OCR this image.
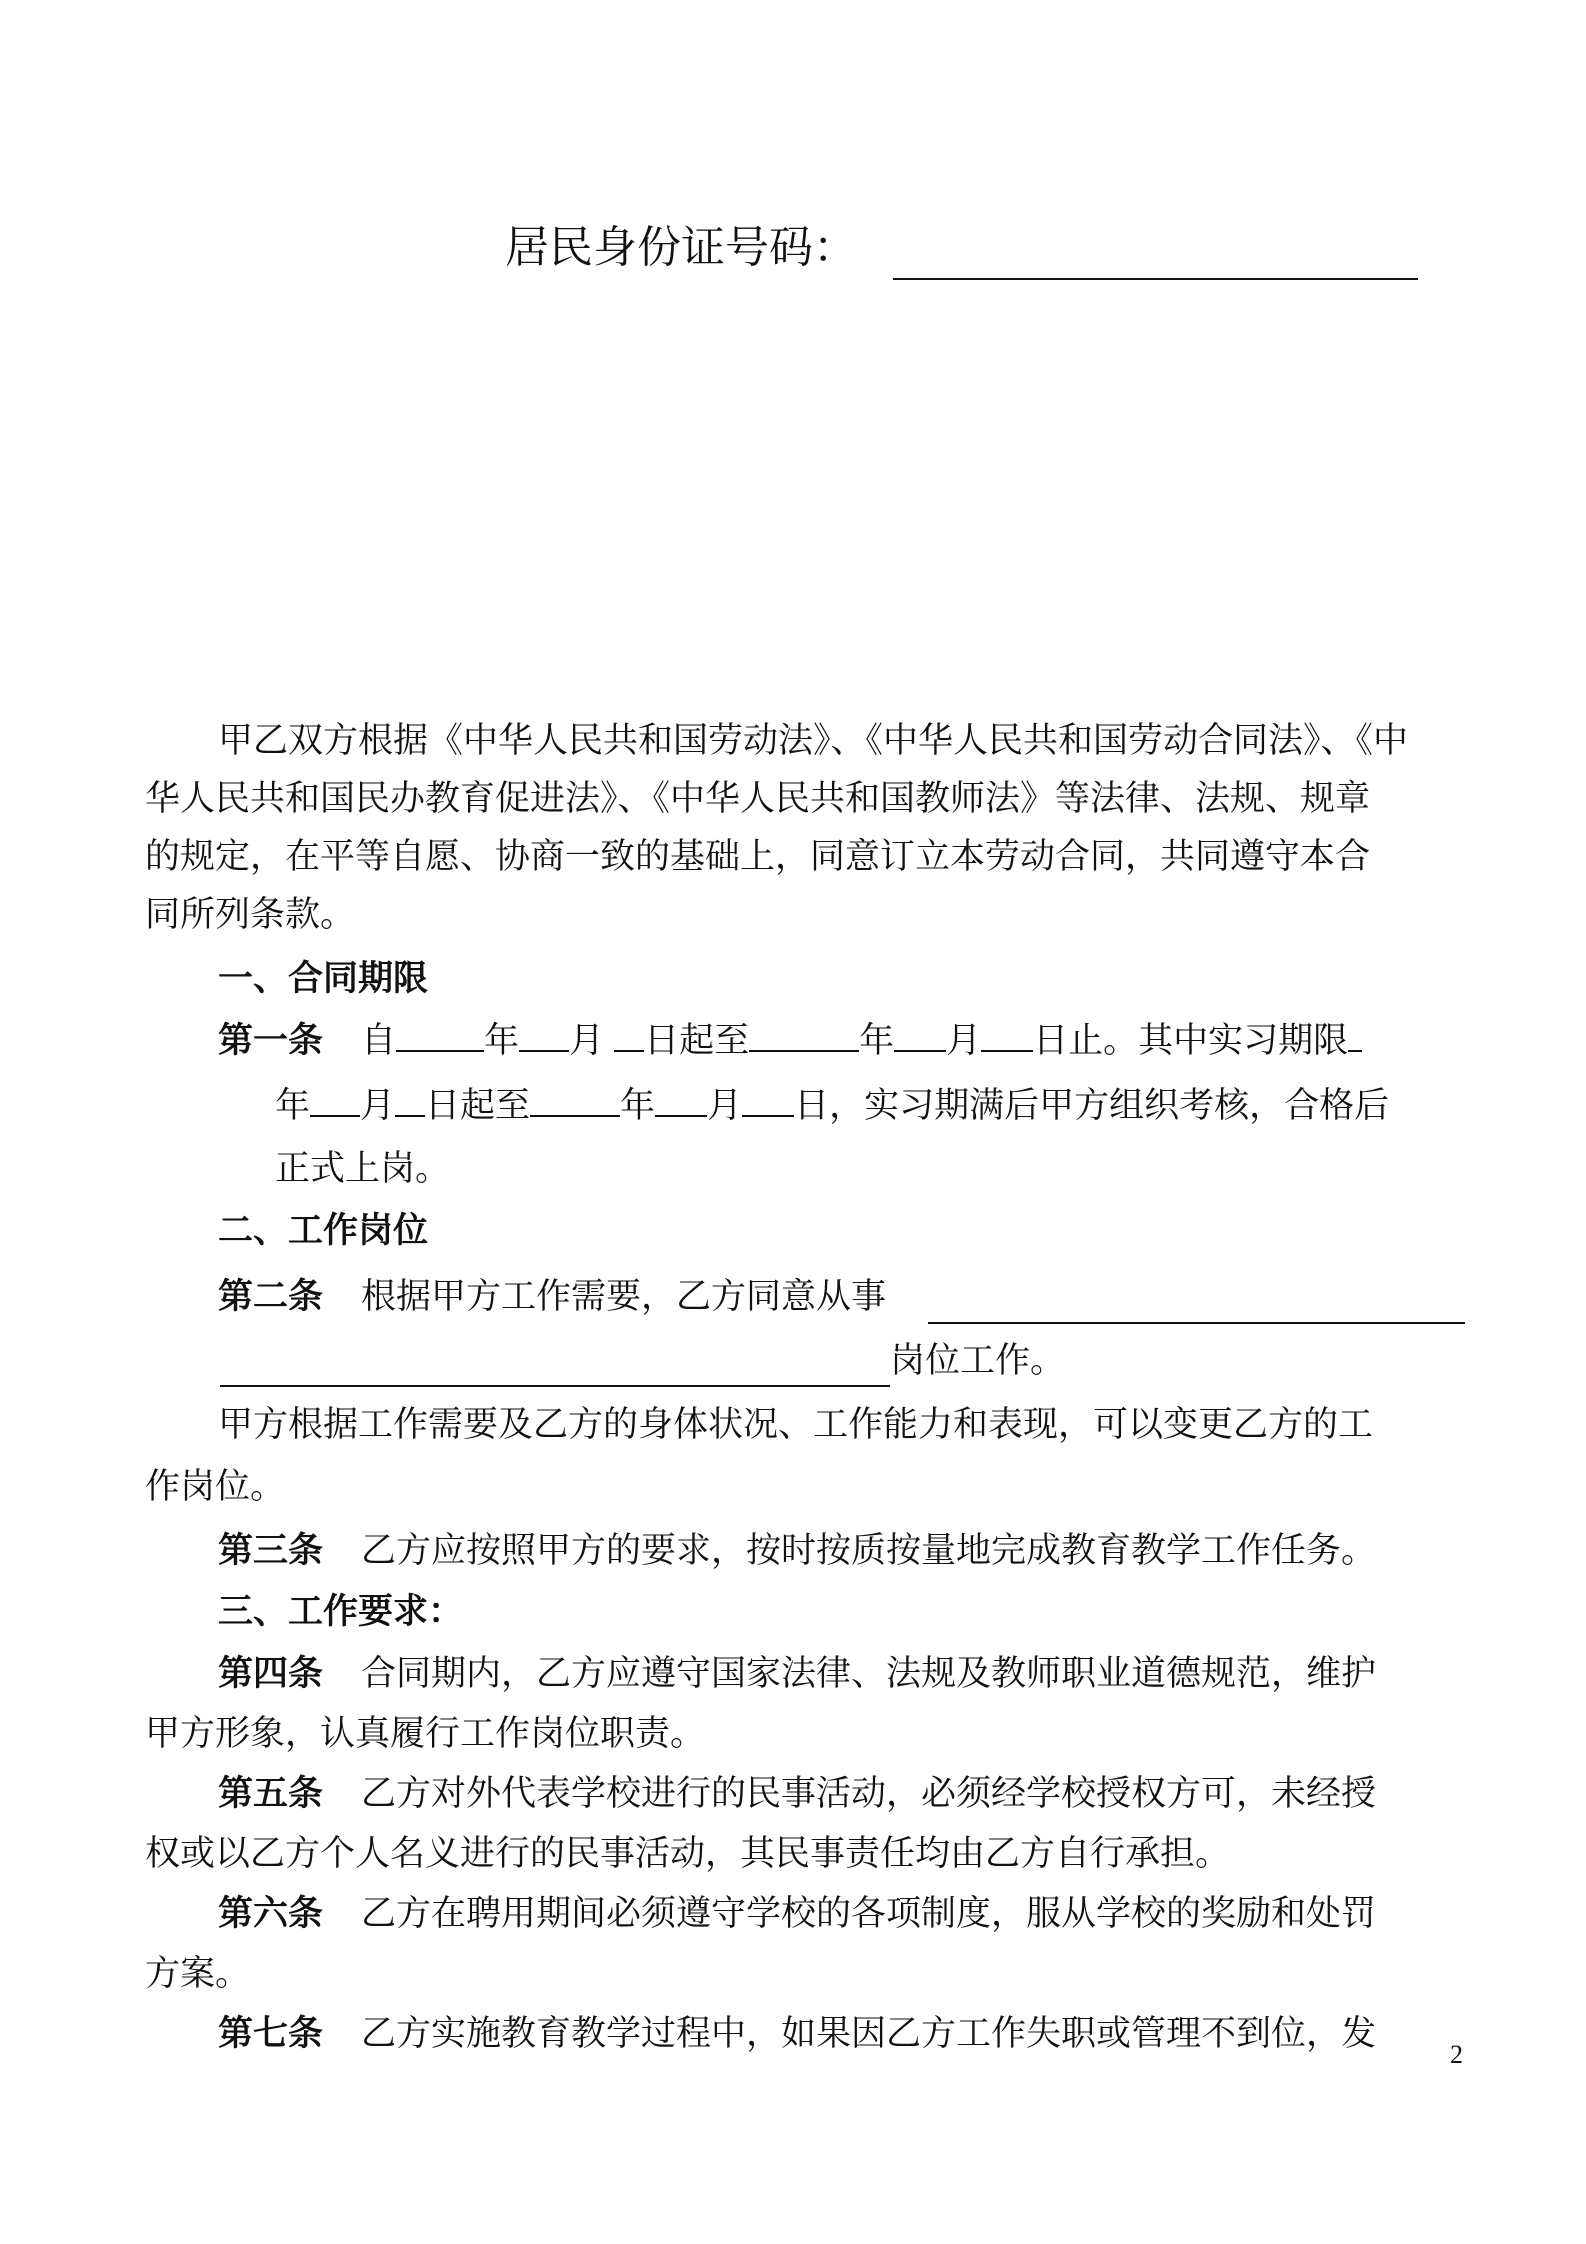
居民身份证号码：
甲乙双方根据《中华人民共和国劳动法》、《中华人民共和国劳动合同法》、《中
华人民共和国民办教育促进法》、《中华人民共和国教师法》等法律、法规、规章
的规定，在平等自愿、协商一致的基础上，同意订立本劳动合同，共同遵守本合
同所列条款。
一、合同期限
第一条 自	年 月 日起至	年 月 日止。其中实习期限
年 月 日起至	年 月 日，实习期满后甲方组织考核，合格后
正式上岗。
二、工作岗位
第二条 根据甲方工作需要，乙方同意从事
岗位工作。
甲方根据工作需要及乙方的身体状况、工作能力和表现，可以变更乙方的工
作岗位。
第三条 乙方应按照甲方的要求，按时按质按量地完成教育教学工作任务。
三、工作要求：
第四条 合同期内，乙方应遵守国家法律、法规及教师职业道德规范，维护
甲方形象，认真履行工作岗位职责。
第五条 乙方对外代表学校进行的民事活动，必须经学校授权方可，未经授
权或以乙方个人名义进行的民事活动，其民事责任均由乙方自行承担。
第六条 乙方在聘用期间必须遵守学校的各项制度，服从学校的奖励和处罚
方案。
第七条 乙方实施教育教学过程中，如果因乙方工作失职或管理不到位，发
2
